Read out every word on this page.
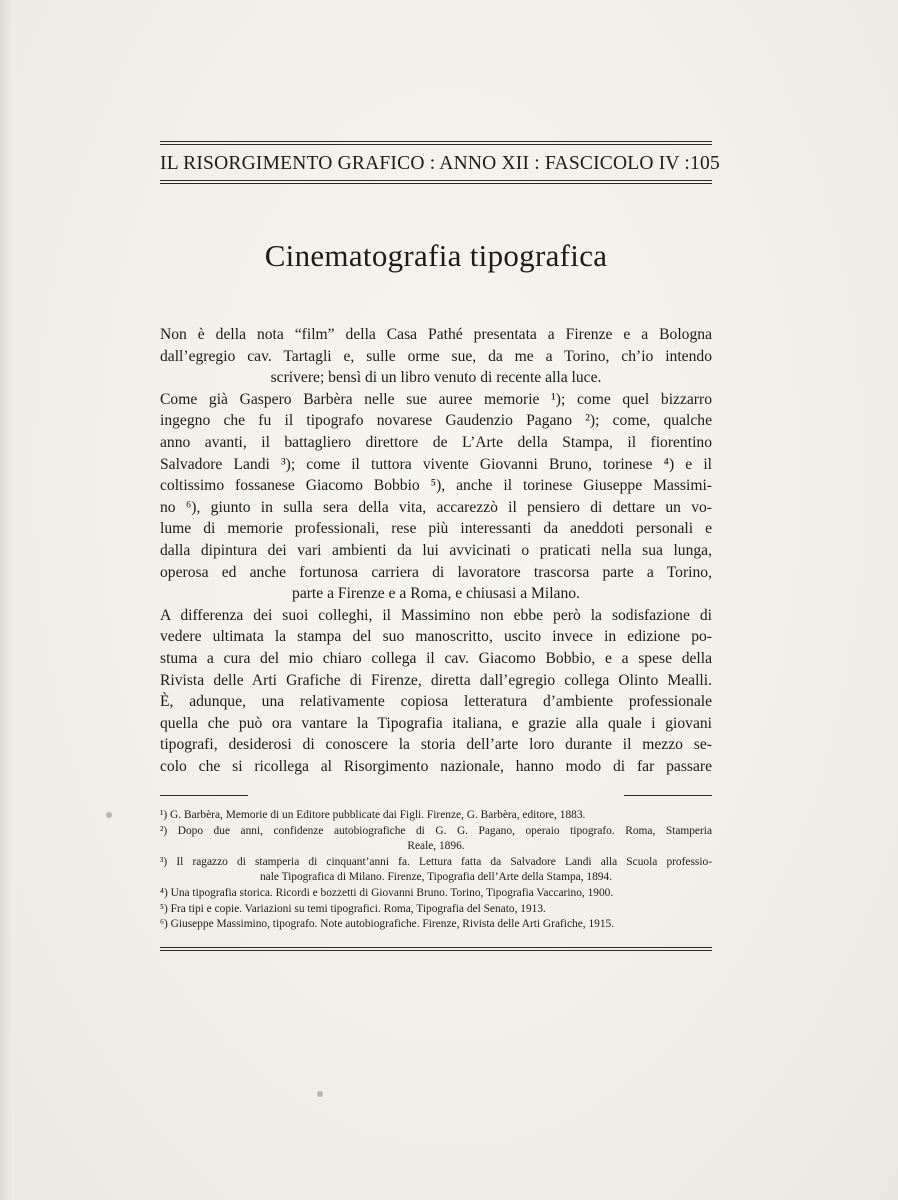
IL RISORGIMENTO GRAFICO : ANNO XII : FASCICOLO IV : 105
Cinematografia tipografica
Non è della nota “film” della Casa Pathé presentata a Firenze e a Bologna
dall’egregio cav. Tartagli e, sulle orme sue, da me a Torino, ch’io intendo
scrivere; bensì di un libro venuto di recente alla luce.
Come già Gaspero Barbèra nelle sue auree memorie ¹); come quel bizzarro
ingegno che fu il tipografo novarese Gaudenzio Pagano ²); come, qualche
anno avanti, il battagliero direttore de L’Arte della Stampa, il fiorentino
Salvadore Landi ³); come il tuttora vivente Giovanni Bruno, torinese ⁴) e il
coltissimo fossanese Giacomo Bobbio ⁵), anche il torinese Giuseppe Massimi-
no ⁶), giunto in sulla sera della vita, accarezzò il pensiero di dettare un vo-
lume di memorie professionali, rese più interessanti da aneddoti personali e
dalla dipintura dei vari ambienti da lui avvicinati o praticati nella sua lunga,
operosa ed anche fortunosa carriera di lavoratore trascorsa parte a Torino,
parte a Firenze e a Roma, e chiusasi a Milano.
A differenza dei suoi colleghi, il Massimino non ebbe però la sodisfazione di
vedere ultimata la stampa del suo manoscritto, uscito invece in edizione po-
stuma a cura del mio chiaro collega il cav. Giacomo Bobbio, e a spese della
Rivista delle Arti Grafiche di Firenze, diretta dall’egregio collega Olinto Mealli.
È, adunque, una relativamente copiosa letteratura d’ambiente professionale
quella che può ora vantare la Tipografia italiana, e grazie alla quale i giovani
tipografi, desiderosi di conoscere la storia dell’arte loro durante il mezzo se-
colo che si ricollega al Risorgimento nazionale, hanno modo di far passare
¹) G. Barbèra, Memorie di un Editore pubblicate dai Figli. Firenze, G. Barbèra, editore, 1883.
²) Dopo due anni, confidenze autobiografiche di G. G. Pagano, operaio tipografo. Roma, Stamperia
Reale, 1896.
³) Il ragazzo di stamperia di cinquant’anni fa. Lettura fatta da Salvadore Landi alla Scuola professio-
nale Tipografica di Milano. Firenze, Tipografia dell’Arte della Stampa, 1894.
⁴) Una tipografia storica. Ricordi e bozzetti di Giovanni Bruno. Torino, Tipografia Vaccarino, 1900.
⁵) Fra tipi e copie. Variazioni su temi tipografici. Roma, Tipografia del Senato, 1913.
⁶) Giuseppe Massimino, tipografo. Note autobiografiche. Firenze, Rivista delle Arti Grafiche, 1915.
